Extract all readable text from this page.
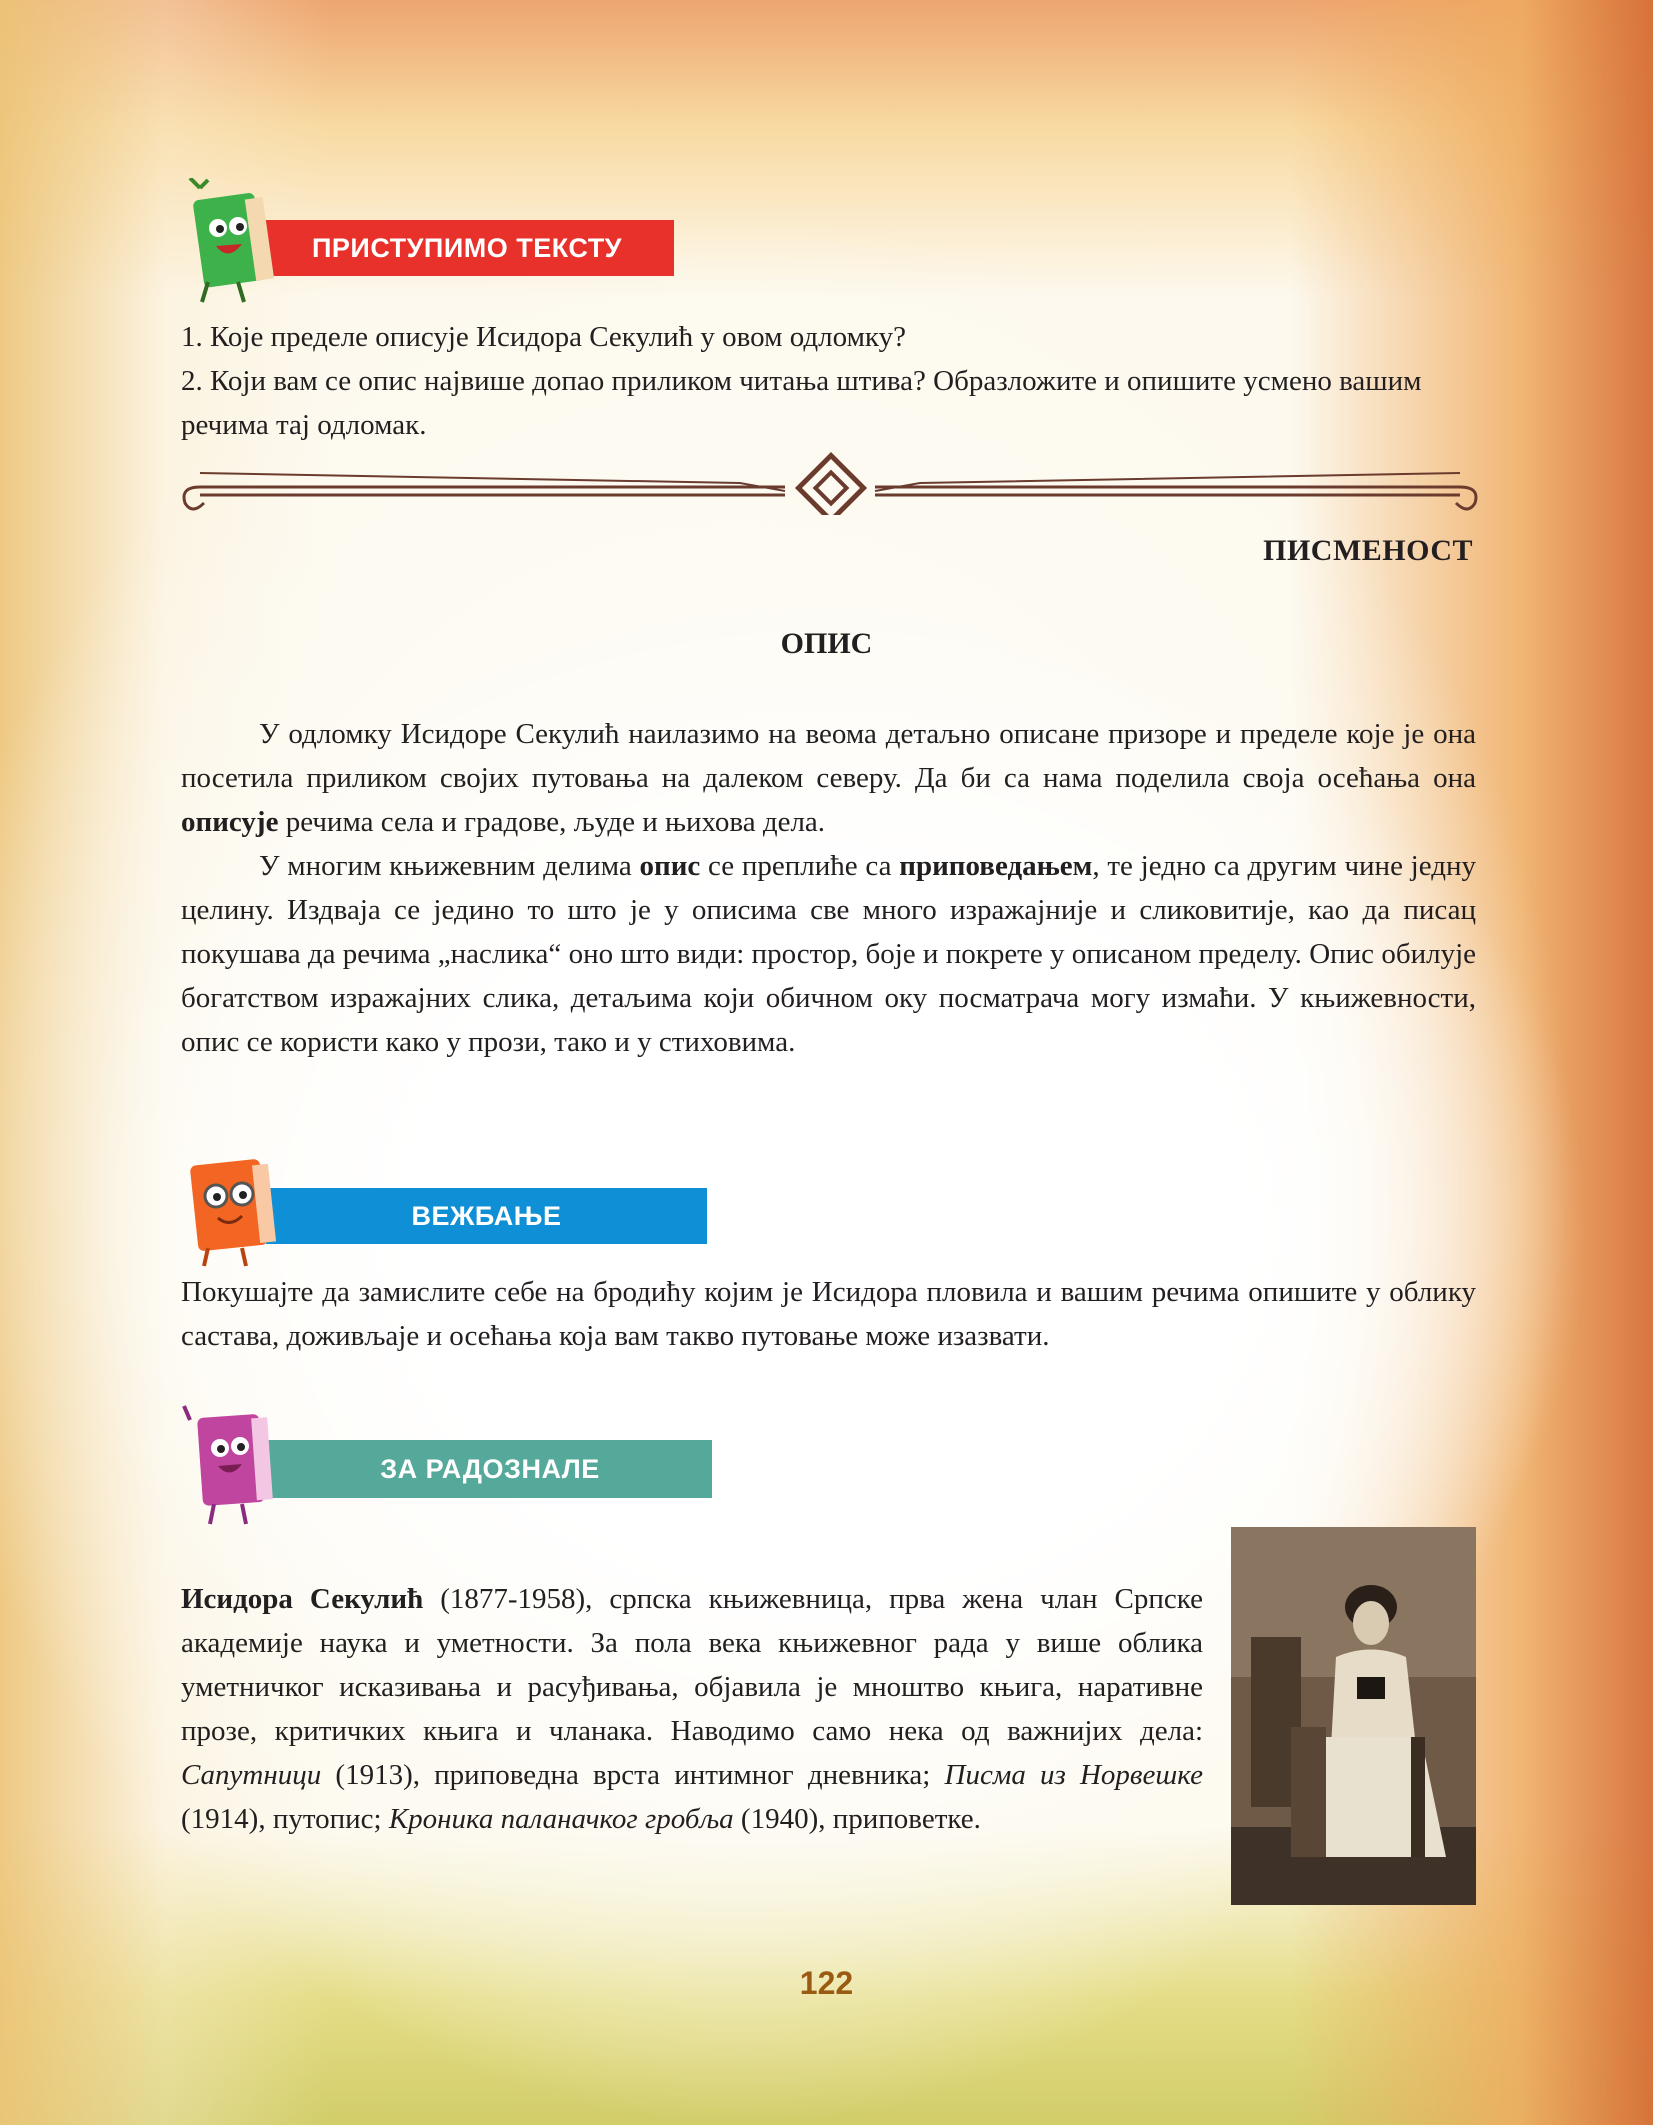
ПРИСТУПИМО ТЕКСТУ

1. Које пределе описује Исидора Секулић у овом одломку?

2. Који вам се опис највише допао приликом читања штива? Образложите и опишите усмено вашим речима тај одломак.

ПИСМЕНОСТ
ОПИС

У одломку Исидоре Секулић наилазимо на веома детаљно описане призоре и пределе које је она посетила приликом својих путовања на далеком северу. Да би са нама поделила своја осећања она описује речима села и градове, људе и њихова дела.

У многим књижевним делима опис се преплиће са приповедањем, те једно са другим чине једну целину. Издваја се једино то што је у описима све много изражајније и сликовитије, као да писац покушава да речима „наслика“ оно што види: простор, боје и покрете у описаном пределу. Опис обилује богатством изражајних слика, детаљима који обичном оку посматрача могу измаћи. У књижевности, опис се користи како у прози, тако и у стиховима.

ВЕЖБАЊЕ
Покушајте да замислите себе на бродићу којим је Исидора пловила и вашим речима опишите у облику састава, доживљаје и осећања која вам такво путовање може изазвати.
ЗА РАДОЗНАЛЕ
Исидора Секулић (1877-1958), српска књижевница, прва жена члан Српске академије наука и уметности. За пола века књижевног рада у више облика уметничког исказивања и расуђивања, објавила је мноштво књига, наративне прозе, критичких књига и чланака. Наводимо само нека од важнијих дела: Сапутници (1913), приповедна врста интимног дневника; Писма из Норвешке (1914), путопис; Кроника паланачког гробља (1940), приповетке.
122
